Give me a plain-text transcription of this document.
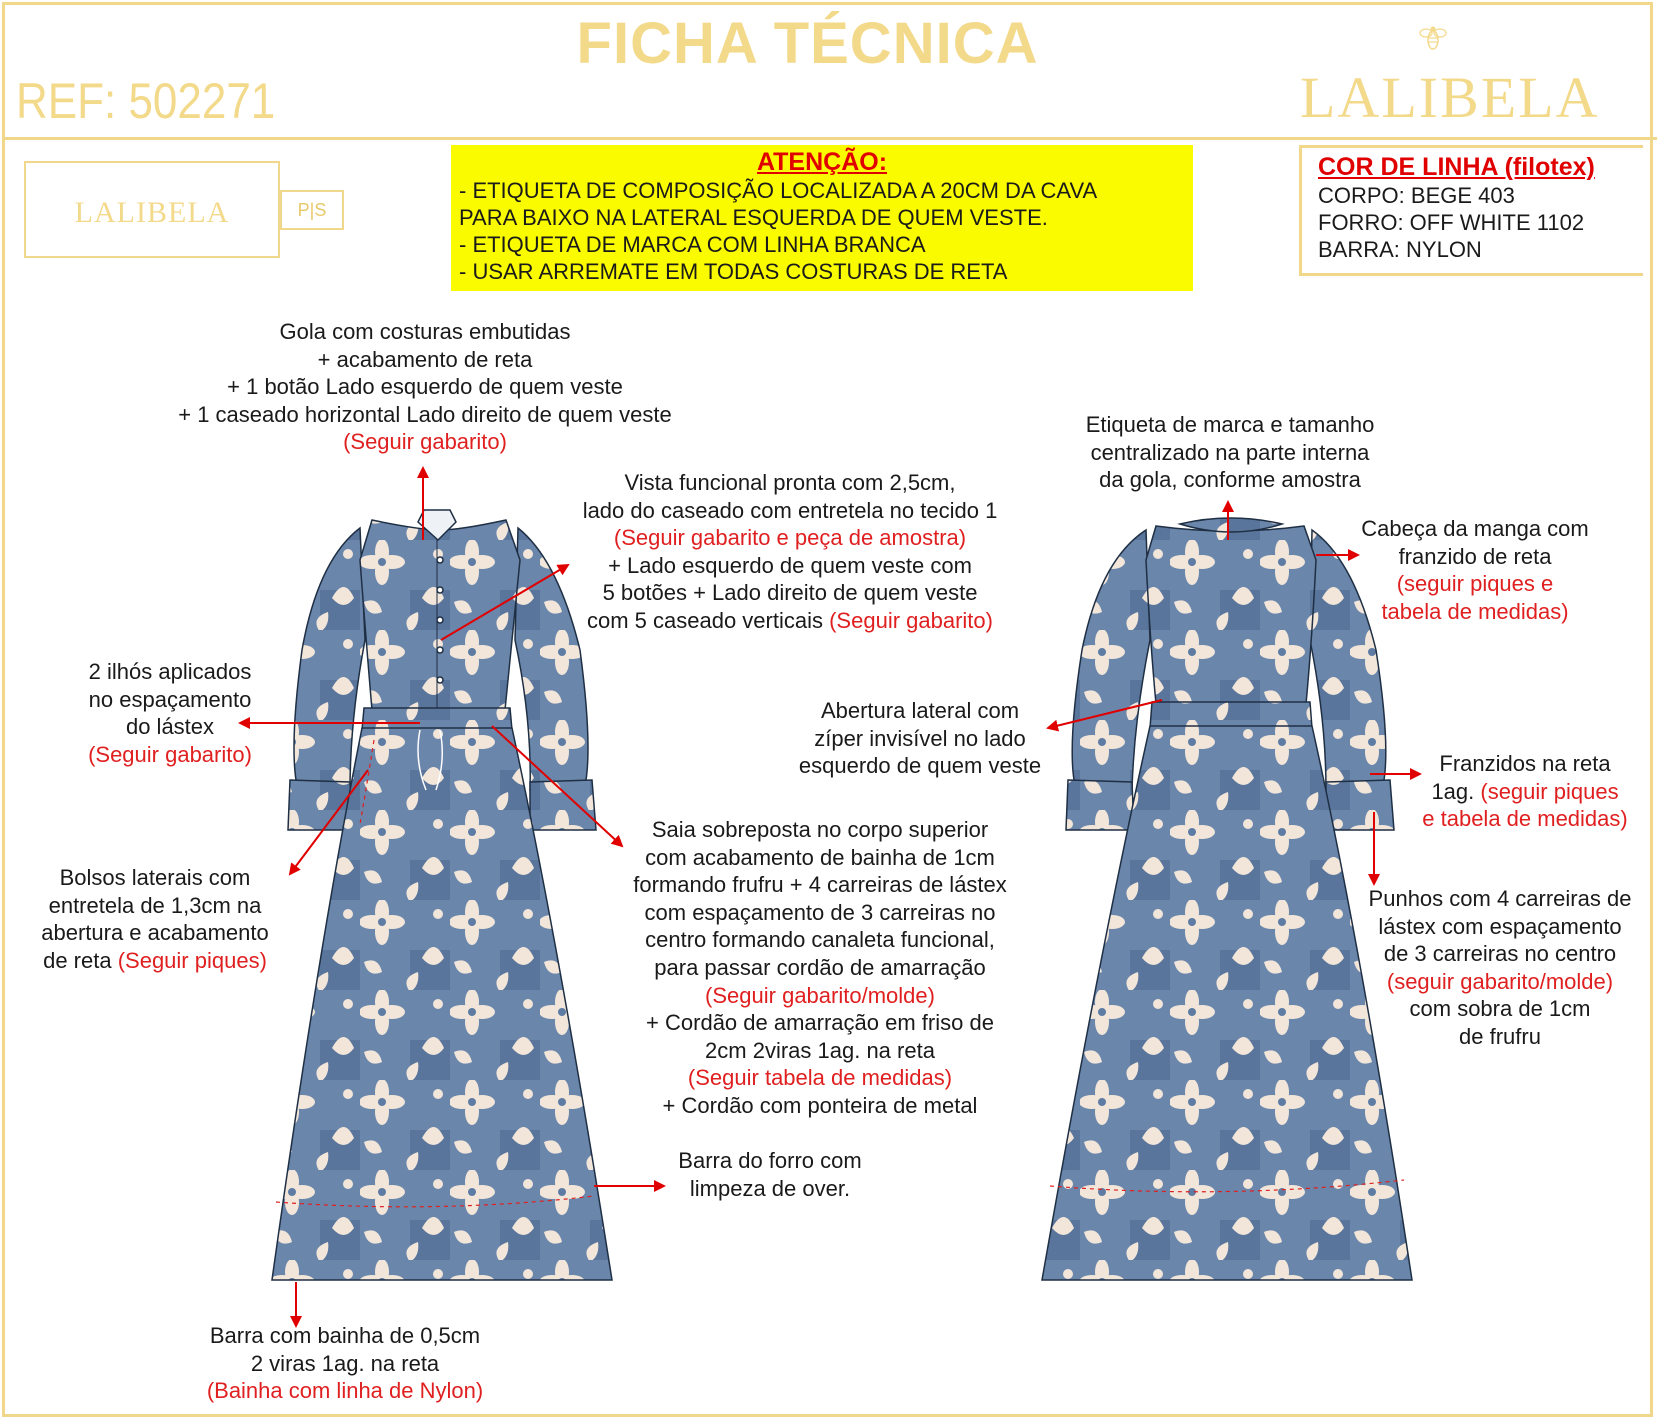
FICHA TÉCNICA
REF: 502271	LALIBELA
LALIBELA	P|S
ATENÇÃO:
- ETIQUETA DE COMPOSIÇÃO LOCALIZADA A 20CM DA CAVA
PARA BAIXO NA LATERAL ESQUERDA DE QUEM VESTE.
- ETIQUETA DE MARCA COM LINHA BRANCA
- USAR ARREMATE EM TODAS COSTURAS DE RETA
COR DE LINHA (filotex)
CORPO: BEGE 403
FORRO: OFF WHITE 1102
BARRA: NYLON
Gola com costuras embutidas
+ acabamento de reta
+ 1 botão Lado esquerdo de quem veste
+ 1 caseado horizontal Lado direito de quem veste
(Seguir gabarito)
Vista funcional pronta com 2,5cm,
lado do caseado com entretela no tecido 1
(Seguir gabarito e peça de amostra)
+ Lado esquerdo de quem veste com
5 botões + Lado direito de quem veste
com 5 caseado verticais (Seguir gabarito)
2 ilhós aplicados
no espaçamento
do lástex
(Seguir gabarito)
Bolsos laterais com
entretela de 1,3cm na
abertura e acabamento
de reta (Seguir piques)
Saia sobreposta no corpo superior
com acabamento de bainha de 1cm
formando frufru + 4 carreiras de lástex
com espaçamento de 3 carreiras no
centro formando canaleta funcional,
para passar cordão de amarração
(Seguir gabarito/molde)
+ Cordão de amarração em friso de
2cm 2viras 1ag. na reta
(Seguir tabela de medidas)
+ Cordão com ponteira de metal
Barra do forro com
limpeza de over.
Barra com bainha de 0,5cm
2 viras 1ag. na reta
(Bainha com linha de Nylon)
Etiqueta de marca e tamanho
centralizado na parte interna
da gola, conforme amostra
Cabeça da manga com
franzido de reta
(seguir piques e
tabela de medidas)
Abertura lateral com
zíper invisível no lado
esquerdo de quem veste	Franzidos na reta
1ag. (seguir piques
e tabela de medidas)
Punhos com 4 carreiras de
lástex com espaçamento
de 3 carreiras no centro
(seguir gabarito/molde)
com sobra de 1cm
de frufru
